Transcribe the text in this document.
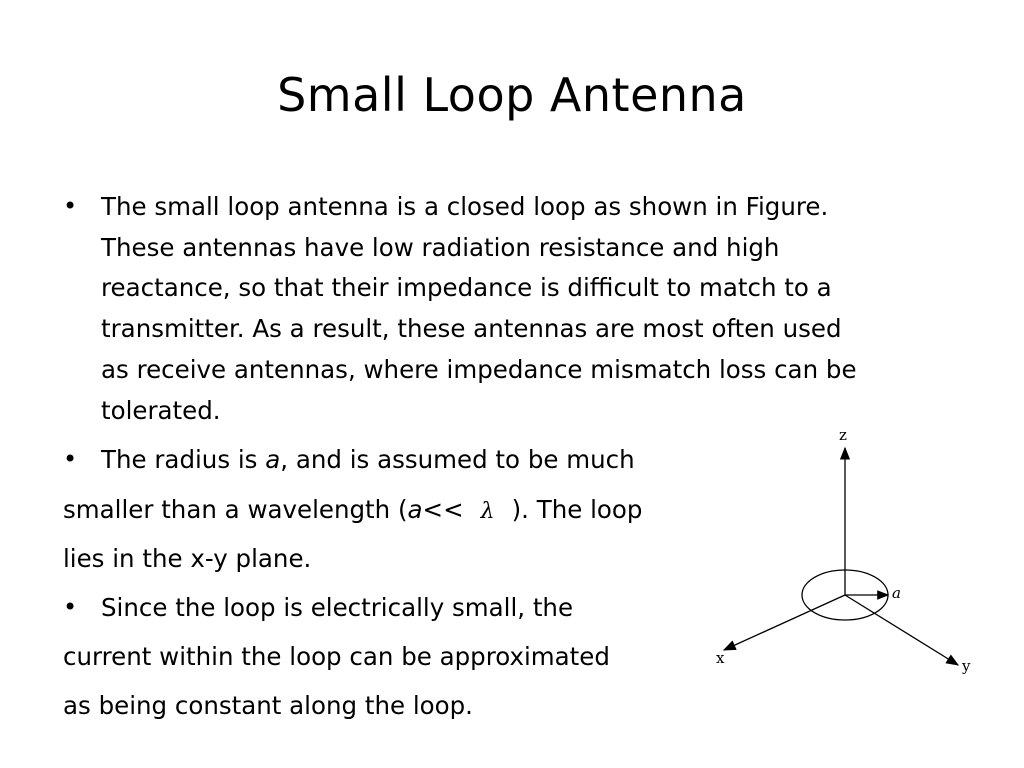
Small Loop Antenna
• The small loop antenna is a closed loop as shown in Figure.
These antennas have low radiation resistance and high
reactance, so that their impedance is difficult to match to a
transmitter. As a result, these antennas are most often used
as receive antennas, where impedance mismatch loss can be
tolerated.
• The radius is a, and is assumed to be much
smaller than a wavelength (a<< λ ). The loop
lies in the x-y plane.
• Since the loop is electrically small, the
current within the loop can be approximated
as being constant along the loop.
z
x	y
a
